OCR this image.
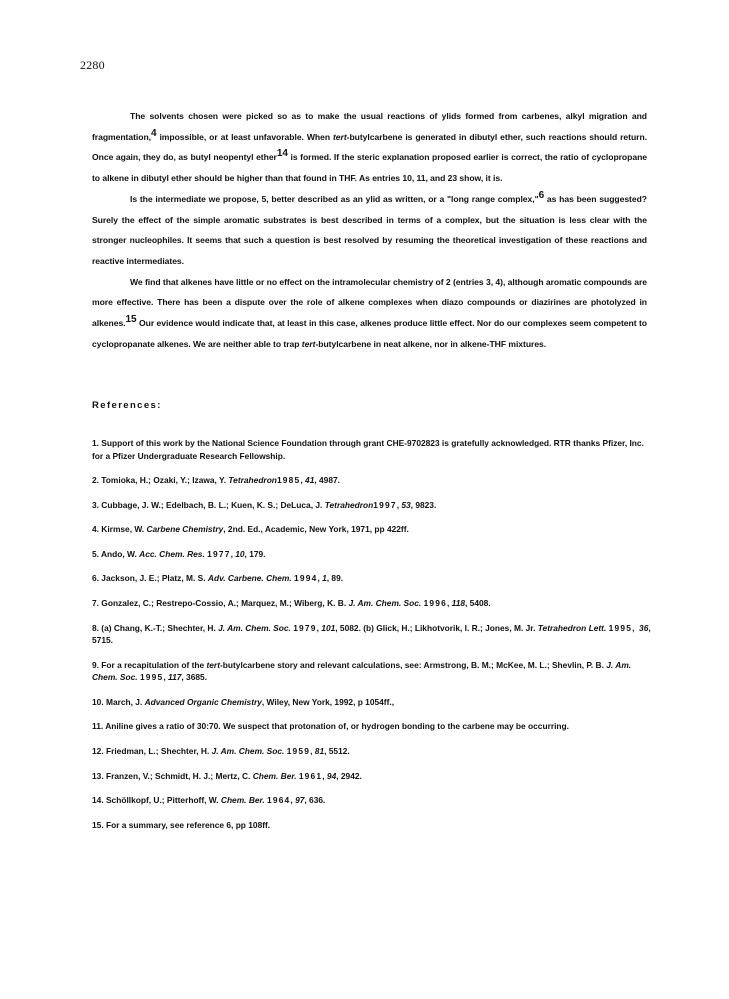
2280

The solvents chosen were picked so as to make the usual reactions of ylids formed from carbenes, alkyl migration and fragmentation,$^4$ impossible, or at least unfavorable. When tert-butylcarbene is generated in dibutyl ether, such reactions should return. Once again, they do, as butyl neopentyl ether$^{14}$ is formed. If the steric explanation proposed earlier is correct, the ratio of cyclopropane to alkene in dibutyl ether should be higher than that found in THF. As entries 10, 11, and 23 show, it is.

Is the intermediate we propose, 5, better described as an ylid as written, or a "long range complex,"$^6$ as has been suggested? Surely the effect of the simple aromatic substrates is best described in terms of a complex, but the situation is less clear with the stronger nucleophiles. It seems that such a question is best resolved by resuming the theoretical investigation of these reactions and reactive intermediates.

We find that alkenes have little or no effect on the intramolecular chemistry of 2 (entries 3, 4), although aromatic compounds are more effective. There has been a dispute over the role of alkene complexes when diazo compounds or diazirines are photolyzed in alkenes.$^{15}$ Our evidence would indicate that, at least in this case, alkenes produce little effect. Nor do our complexes seem competent to cyclopropanate alkenes. We are neither able to trap tert-butylcarbene in neat alkene, nor in alkene-THF mixtures.

References:
1. Support of this work by the National Science Foundation through grant CHE-9702823 is gratefully acknowledged. RTR thanks Pfizer, Inc. for a Pfizer Undergraduate Research Fellowship.
2. Tomioka, H.; Ozaki, Y.; Izawa, Y. Tetrahedron1985, 41, 4987.
3. Cubbage, J. W.; Edelbach, B. L.; Kuen, K. S.; DeLuca, J. Tetrahedron1997, 53, 9823.
4. Kirmse, W. Carbene Chemistry, 2nd. Ed., Academic, New York, 1971, pp 422ff.
5. Ando, W. Acc. Chem. Res. 1977, 10, 179.
6. Jackson, J. E.; Platz, M. S. Adv. Carbene. Chem. 1994, 1, 89.
7. Gonzalez, C.; Restrepo-Cossio, A.; Marquez, M.; Wiberg, K. B. J. Am. Chem. Soc. 1996, 118, 5408.
8. (a) Chang, K.-T.; Shechter, H. J. Am. Chem. Soc. 1979, 101, 5082. (b) Glick, H.; Likhotvorik, I. R.; Jones, M. Jr. Tetrahedron Lett. 1995,  36, 5715.
9. For a recapitulation of the tert-butylcarbene story and relevant calculations, see: Armstrong, B. M.; McKee, M. L.; Shevlin, P. B. J. Am. Chem. Soc. 1995, 117, 3685.
10. March, J. Advanced Organic Chemistry, Wiley, New York, 1992, p 1054ff.,
11. Aniline gives a ratio of 30:70. We suspect that protonation of, or hydrogen bonding to the carbene may be occurring.
12. Friedman, L.; Shechter, H. J. Am. Chem. Soc. 1959, 81, 5512.
13. Franzen, V.; Schmidt, H. J.; Mertz, C. Chem. Ber. 1961, 94, 2942.
14. Schöllkopf, U.; Pitterhoff, W. Chem. Ber. 1964, 97, 636.
15. For a summary, see reference 6, pp 108ff.
